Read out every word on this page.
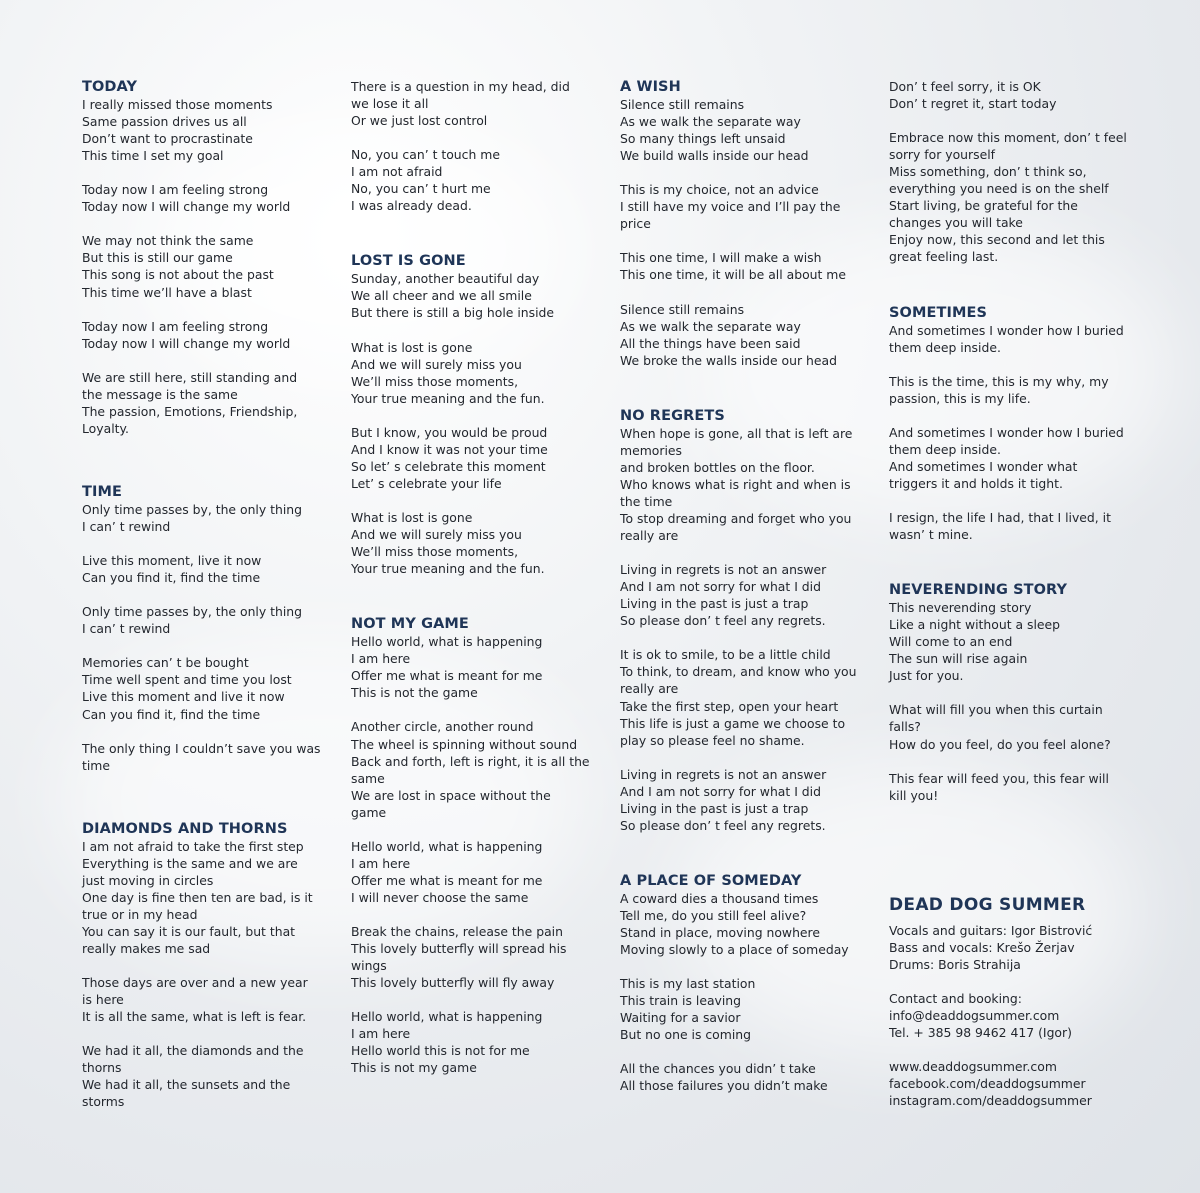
TODAY
I really missed those moments
Same passion drives us all
Don’t want to procrastinate
This time I set my goal

Today now I am feeling strong
Today now I will change my world

We may not think the same
But this is still our game
This song is not about the past
This time we’ll have a blast

Today now I am feeling strong
Today now I will change my world

We are still here, still standing and
the message is the same
The passion, Emotions, Friendship,
Loyalty.
TIME
Only time passes by, the only thing
I can’ t rewind

Live this moment, live it now
Can you find it, find the time

Only time passes by, the only thing
I can’ t rewind

Memories can’ t be bought
Time well spent and time you lost
Live this moment and live it now
Can you find it, find the time

The only thing I couldn’t save you was
time
DIAMONDS AND THORNS
I am not afraid to take the first step
Everything is the same and we are
just moving in circles
One day is fine then ten are bad, is it
true or in my head
You can say it is our fault, but that
really makes me sad

Those days are over and a new year
is here
It is all the same, what is left is fear.

We had it all, the diamonds and the
thorns
We had it all, the sunsets and the
storms
There is a question in my head, did
we lose it all
Or we just lost control

No, you can’ t touch me
I am not afraid
No, you can’ t hurt me
I was already dead.
LOST IS GONE
Sunday, another beautiful day
We all cheer and we all smile
But there is still a big hole inside

What is lost is gone
And we will surely miss you
We’ll miss those moments,
Your true meaning and the fun.

But I know, you would be proud
And I know it was not your time
So let’ s celebrate this moment
Let’ s celebrate your life

What is lost is gone
And we will surely miss you
We’ll miss those moments,
Your true meaning and the fun.
NOT MY GAME
Hello world, what is happening
I am here
Offer me what is meant for me
This is not the game

Another circle, another round
The wheel is spinning without sound
Back and forth, left is right, it is all the
same
We are lost in space without the
game

Hello world, what is happening
I am here
Offer me what is meant for me
I will never choose the same

Break the chains, release the pain
This lovely butterfly will spread his
wings
This lovely butterfly will fly away

Hello world, what is happening
I am here
Hello world this is not for me
This is not my game
A WISH
Silence still remains
As we walk the separate way
So many things left unsaid
We build walls inside our head

This is my choice, not an advice
I still have my voice and I’ll pay the
price

This one time, I will make a wish
This one time, it will be all about me

Silence still remains
As we walk the separate way
All the things have been said
We broke the walls inside our head
NO REGRETS
When hope is gone, all that is left are
memories
and broken bottles on the floor.
Who knows what is right and when is
the time
To stop dreaming and forget who you
really are

Living in regrets is not an answer
And I am not sorry for what I did
Living in the past is just a trap
So please don’ t feel any regrets.

It is ok to smile, to be a little child
To think, to dream, and know who you
really are
Take the first step, open your heart
This life is just a game we choose to
play so please feel no shame.

Living in regrets is not an answer
And I am not sorry for what I did
Living in the past is just a trap
So please don’ t feel any regrets.
A PLACE OF SOMEDAY
A coward dies a thousand times
Tell me, do you still feel alive?
Stand in place, moving nowhere
Moving slowly to a place of someday

This is my last station
This train is leaving
Waiting for a savior
But no one is coming

All the chances you didn’ t take
All those failures you didn’t make
Don’ t feel sorry, it is OK
Don’ t regret it, start today

Embrace now this moment, don’ t feel
sorry for yourself
Miss something, don’ t think so,
everything you need is on the shelf
Start living, be grateful for the
changes you will take
Enjoy now, this second and let this
great feeling last.
SOMETIMES
And sometimes I wonder how I buried
them deep inside.

This is the time, this is my why, my
passion, this is my life.

And sometimes I wonder how I buried
them deep inside.
And sometimes I wonder what
triggers it and holds it tight.

I resign, the life I had, that I lived, it
wasn’ t mine.
NEVERENDING STORY
This neverending story
Like a night without a sleep
Will come to an end
The sun will rise again
Just for you.

What will fill you when this curtain
falls?
How do you feel, do you feel alone?

This fear will feed you, this fear will
kill you!
DEAD DOG SUMMER
Vocals and guitars: Igor Bistrović
Bass and vocals: Krešo Žerjav
Drums: Boris Strahija
Contact and booking:
info@deaddogsummer.com
Tel. + 385 98 9462 417 (Igor)
www.deaddogsummer.com
facebook.com/deaddogsummer
instagram.com/deaddogsummer
